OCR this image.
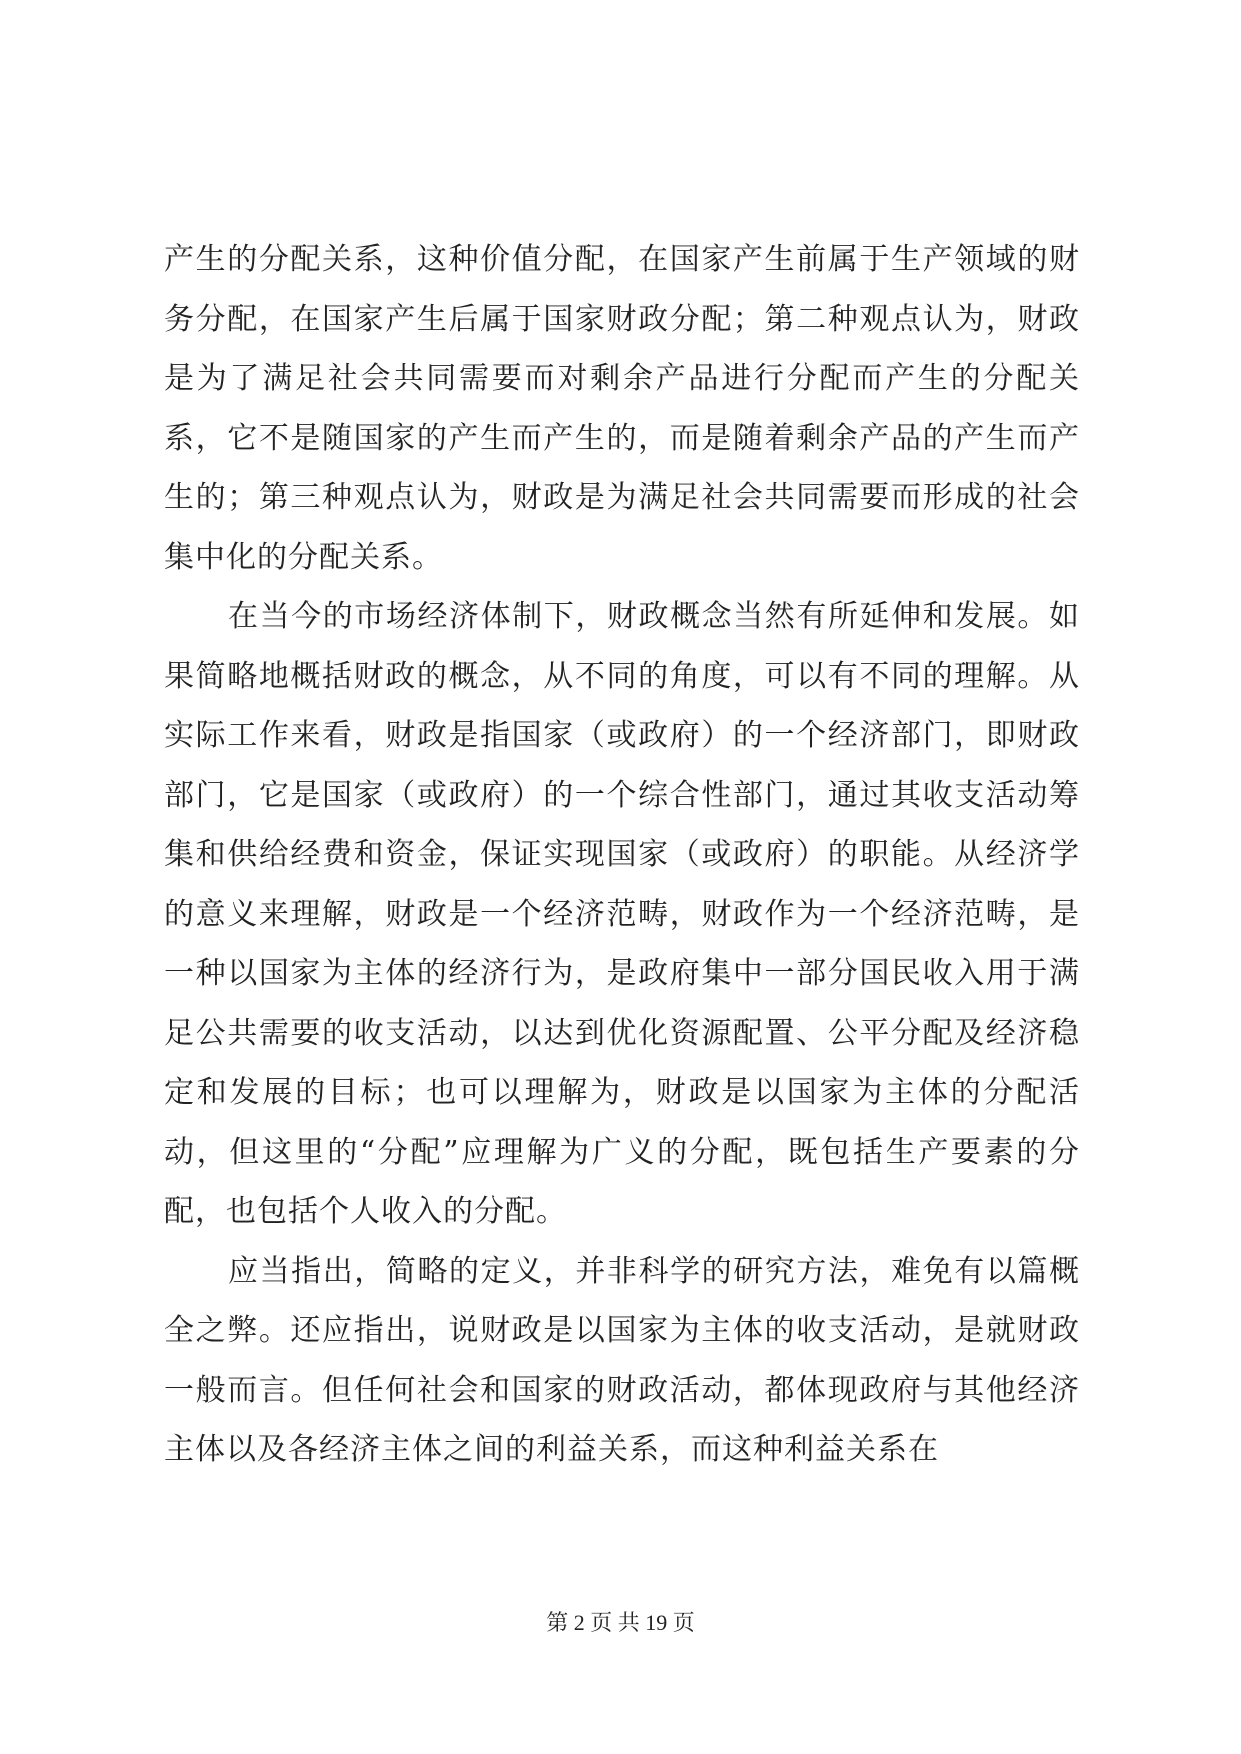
产生的分配关系，这种价值分配，在国家产生前属于生产领域的财务分配，在国家产生后属于国家财政分配；第二种观点认为，财政是为了满足社会共同需要而对剩余产品进行分配而产生的分配关系，它不是随国家的产生而产生的，而是随着剩余产品的产生而产生的；第三种观点认为，财政是为满足社会共同需要而形成的社会集中化的分配关系。

在当今的市场经济体制下，财政概念当然有所延伸和发展。如果简略地概括财政的概念，从不同的角度，可以有不同的理解。从实际工作来看，财政是指国家（或政府）的一个经济部门，即财政部门，它是国家（或政府）的一个综合性部门，通过其收支活动筹集和供给经费和资金，保证实现国家（或政府）的职能。从经济学的意义来理解，财政是一个经济范畴，财政作为一个经济范畴，是一种以国家为主体的经济行为，是政府集中一部分国民收入用于满足公共需要的收支活动，以达到优化资源配置、公平分配及经济稳定和发展的目标；也可以理解为，财政是以国家为主体的分配活动，但这里的“分配”应理解为广义的分配，既包括生产要素的分配，也包括个人收入的分配。

应当指出，简略的定义，并非科学的研究方法，难免有以篇概全之弊。还应指出，说财政是以国家为主体的收支活动，是就财政一般而言。但任何社会和国家的财政活动，都体现政府与其他经济主体以及各经济主体之间的利益关系，而这种利益关系在

第 2 页 共 19 页
